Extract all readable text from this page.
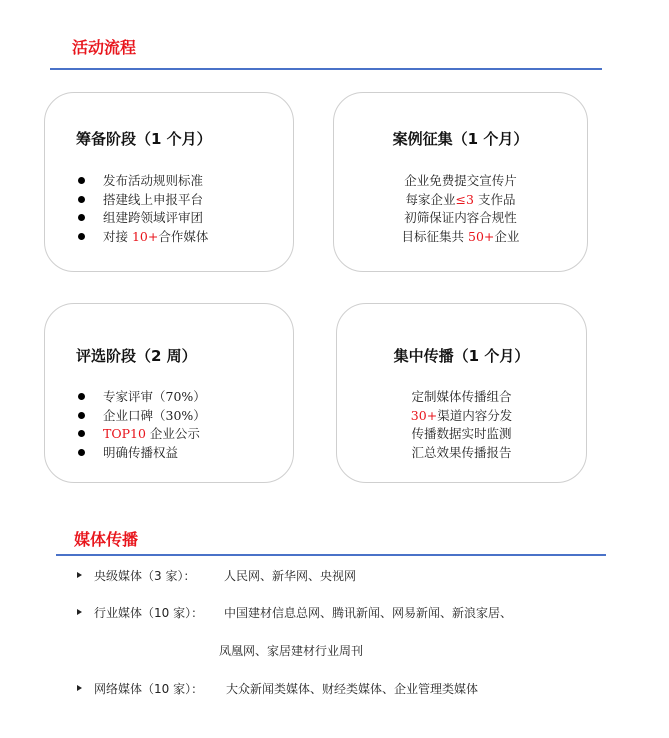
活动流程
筹备阶段（1 个月）
发布活动规则标准
搭建线上申报平台
组建跨领域评审团
对接 10+合作媒体
案例征集（1 个月）
企业免费提交宣传片
每家企业≤3 支作品
初筛保证内容合规性
目标征集共 50+企业
评选阶段（2 周）
专家评审（70%）
企业口碑（30%）
TOP10 企业公示
明确传播权益
集中传播（1 个月）
定制媒体传播组合
30+渠道内容分发
传播数据实时监测
汇总效果传播报告
媒体传播
央级媒体（3 家）： 人民网、新华网、央视网
行业媒体（10 家）： 中国建材信息总网、腾讯新闻、网易新闻、新浪家居、
凤凰网、家居建材行业周刊
网络媒体（10 家）： 大众新闻类媒体、财经类媒体、企业管理类媒体
